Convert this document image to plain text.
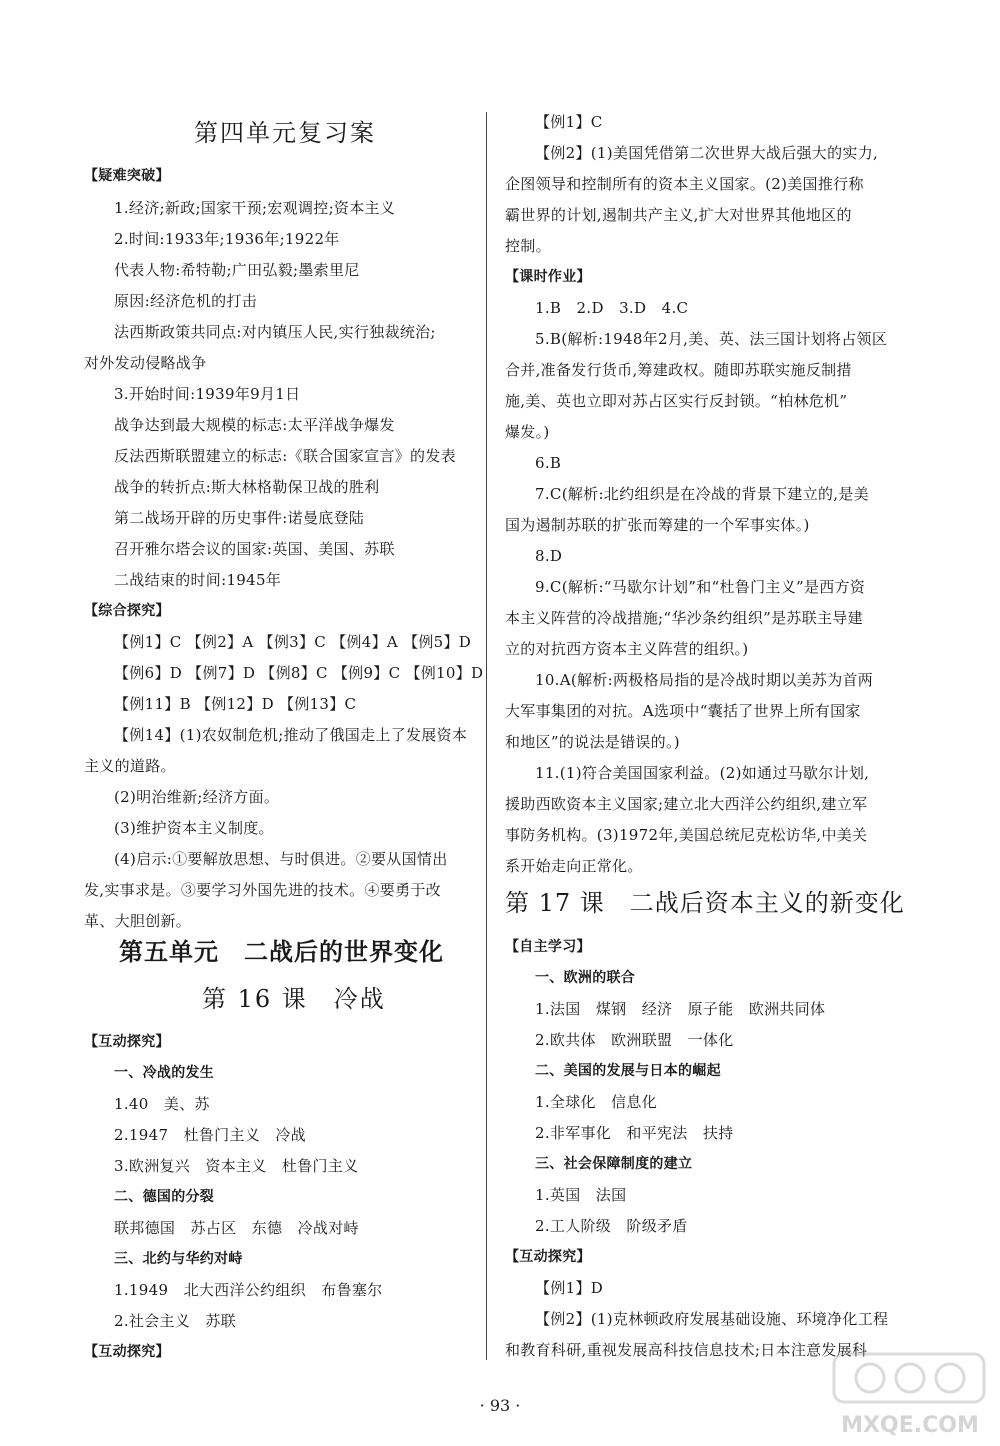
第四单元复习案
【疑难突破】
1.经济;新政;国家干预;宏观调控;资本主义
2.时间:1933年;1936年;1922年
代表人物:希特勒;广田弘毅;墨索里尼
原因:经济危机的打击
法西斯政策共同点:对内镇压人民,实行独裁统治;
对外发动侵略战争
3.开始时间:1939年9月1日
战争达到最大规模的标志:太平洋战争爆发
反法西斯联盟建立的标志:《联合国家宣言》的发表
战争的转折点:斯大林格勒保卫战的胜利
第二战场开辟的历史事件:诺曼底登陆
召开雅尔塔会议的国家:英国、美国、苏联
二战结束的时间:1945年
【综合探究】
【例1】C 【例2】A 【例3】C 【例4】A 【例5】D
【例6】D 【例7】D 【例8】C 【例9】C 【例10】D
【例11】B 【例12】D 【例13】C
【例14】(1)农奴制危机;推动了俄国走上了发展资本
主义的道路。
(2)明治维新;经济方面。
(3)维护资本主义制度。
(4)启示:①要解放思想、与时俱进。②要从国情出
发,实事求是。③要学习外国先进的技术。④要勇于改
革、大胆创新。
第五单元　二战后的世界变化
第 16 课　冷战
【互动探究】
一、冷战的发生
1.40　美、苏
2.1947　杜鲁门主义　冷战
3.欧洲复兴　资本主义　杜鲁门主义
二、德国的分裂
联邦德国　苏占区　东德　冷战对峙
三、北约与华约对峙
1.1949　北大西洋公约组织　布鲁塞尔
2.社会主义　苏联
【互动探究】
【例1】C
【例2】(1)美国凭借第二次世界大战后强大的实力,
企图领导和控制所有的资本主义国家。(2)美国推行称
霸世界的计划,遏制共产主义,扩大对世界其他地区的
控制。
【课时作业】
1.B　2.D　3.D　4.C
5.B(解析:1948年2月,美、英、法三国计划将占领区
合并,准备发行货币,筹建政权。随即苏联实施反制措
施,美、英也立即对苏占区实行反封锁。“柏林危机”
爆发。)
6.B
7.C(解析:北约组织是在冷战的背景下建立的,是美
国为遏制苏联的扩张而筹建的一个军事实体。)
8.D
9.C(解析:“马歇尔计划”和“杜鲁门主义”是西方资
本主义阵营的冷战措施;“华沙条约组织”是苏联主导建
立的对抗西方资本主义阵营的组织。)
10.A(解析:两极格局指的是冷战时期以美苏为首两
大军事集团的对抗。A选项中“囊括了世界上所有国家
和地区”的说法是错误的。)
11.(1)符合美国国家利益。(2)如通过马歇尔计划,
援助西欧资本主义国家;建立北大西洋公约组织,建立军
事防务机构。(3)1972年,美国总统尼克松访华,中美关
系开始走向正常化。
第 17 课　二战后资本主义的新变化
【自主学习】
一、欧洲的联合
1.法国　煤钢　经济　原子能　欧洲共同体
2.欧共体　欧洲联盟　一体化
二、美国的发展与日本的崛起
1.全球化　信息化
2.非军事化　和平宪法　扶持
三、社会保障制度的建立
1.英国　法国
2.工人阶级　阶级矛盾
【互动探究】
【例1】D
【例2】(1)克林顿政府发展基础设施、环境净化工程
和教育科研,重视发展高科技信息技术;日本注意发展科
· 93 ·
MXQE.COM
